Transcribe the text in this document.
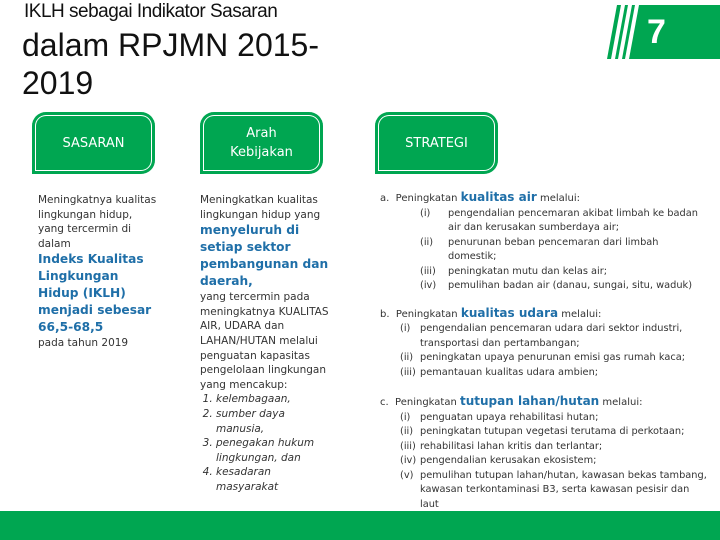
IKLH sebagai Indikator Sasaran
dalam RPJMN 2015-
2019
7
SASARAN
Arah Kebijakan
STRATEGI
Meningkatnya kualitas lingkungan hidup, yang tercermin di dalam
Indeks Kualitas Lingkungan Hidup (IKLH) menjadi sebesar 66,5-68,5
pada tahun 2019
Meningkatkan kualitas lingkungan hidup yang
menyeluruh di setiap sektor pembangunan dan daerah,
yang tercermin pada meningkatnya KUALITAS AIR, UDARA dan LAHAN/HUTAN melalui penguatan kapasitas pengelolaan lingkungan yang mencakup:
1. kelembagaan,
2. sumber daya manusia,
3. penegakan hukum lingkungan, dan
4. kesadaran masyarakat
a. Peningkatan kualitas air melalui:
(i)	pengendalian pencemaran akibat limbah ke badan air dan kerusakan sumberdaya air;
(ii)	penurunan beban pencemaran dari limbah domestik;
(iii)	peningkatan mutu dan kelas air;
(iv)	pemulihan badan air (danau, sungai, situ, waduk)
b. Peningkatan kualitas udara melalui:
(i) pengendalian pencemaran udara dari sektor industri, transportasi dan pertambangan;
(ii) peningkatan upaya penurunan emisi gas rumah kaca;
(iii) pemantauan kualitas udara ambien;
c. Peningkatan tutupan lahan/hutan melalui:
(i) penguatan upaya rehabilitasi hutan;
(ii) peningkatan tutupan vegetasi terutama di perkotaan;
(iii) rehabilitasi lahan kritis dan terlantar;
(iv) pengendalian kerusakan ekosistem;
(v) pemulihan tutupan lahan/hutan, kawasan bekas tambang, kawasan terkontaminasi B3, serta kawasan pesisir dan laut
